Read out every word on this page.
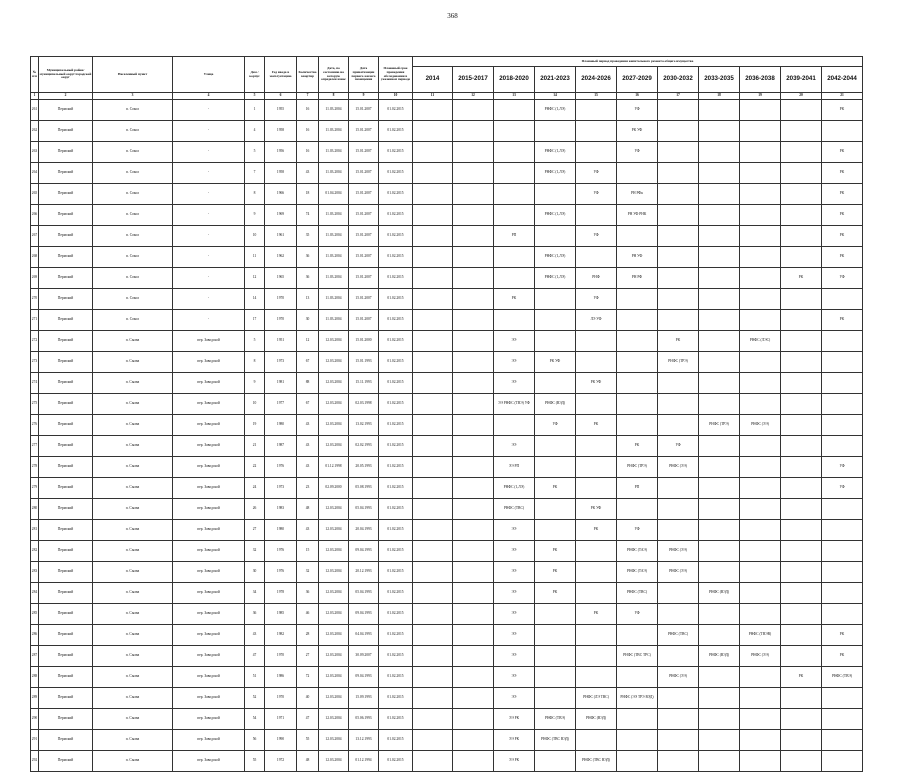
368
№ п/п	Муниципальный район/муниципальный округ/городской округ	Населенный пункт	Улица	Дом / корпус	Год ввода в эксплуатацию	Количество квартир	Дата, по состоянию на которую определен износ	Дата приватизации первого жилого помещения	Плановый срок проведения обследования в указанном периоде	Плановый период проведения капитального ремонта общего имущества										
										2014	2015-2017	2018-2020	2021-2023	2024-2026	2027-2029	2030-2032	2033-2035	2036-2038	2039-2041	2042-2044
1	2	3	4	5	6	7	8	9	10	11	12	13	14	15	16	17	18	19	20	21
261	Пермский	п. Сокол	-	1	1955	16	11.03.2004	15.01.2007	01.02.2015				РНФС (1,ЛЭ)		УФ					РК
262	Пермский	п. Сокол	-	4	1958	16	11.03.2004	15.01.2007	01.02.2015						РК УФ					
263	Пермский	п. Сокол	-	5	1956	16	11.03.2004	15.01.2007	01.02.2015				РНФС (1,ЛЭ)		УФ					РК
264	Пермский	п. Сокол	-	7	1958	43	11.03.2004	15.01.2007	01.02.2015				РНФС (1,ЛЭ)	УФ						РК
265	Пермский	п. Сокол	-	8	1966	18	01.04.2004	15.01.2007	01.02.2015					УФ	РН РФк					РК
266	Пермский	п. Сокол	-	9	1969	74	11.03.2004	15.01.2007	01.02.2015				РНФС (1,ЛЭ)		РН УФ РНК					РК
267	Пермский	п. Сокол	-	10	1961	35	11.03.2004	15.01.2007	01.02.2015			РП		УФ						РК
268	Пермский	п. Сокол	-	11	1962	36	11.03.2004	15.01.2007	01.02.2015				РНФС (1,ЛЭ)		РН УФ					РК
269	Пермский	п. Сокол	-	12	1965	36	11.03.2004	15.01.2007	01.02.2015				РНФС (1,ЛЭ)	РНФ	РН РФ				РК	УФ
270	Пермский	п. Сокол	-	14	1970	13	11.03.2004	15.01.2007	01.02.2015			РК		УФ						
271	Пермский	п. Сокол	-	17	1970	30	11.03.2004	15.01.2007	01.02.2015					ЛЭ УФ						РК
272	Пермский	п. Сылва	пер. Заводской	5	1951	12	12.03.2004	15.01.2000	01.02.2015			ЭЭ				РК		РНФС (ЛЭС)		
273	Пермский	п. Сылва	пер. Заводской	8	1973	67	12.03.2004	15.01.1993	01.02.2015			ЭЭ	РК УФ			РНФС (ТРЭ)				
274	Пермский	п. Сылва	пер. Заводской	9	1981	88	12.03.2004	15.11.1993	01.02.2015			ЭЭ		РК УФ						
275	Пермский	п. Сылва	пер. Заводской	10	1977	67	12.03.2004	02.03.1998	01.02.2015			ЭЭ РНФС (ТВЭ) УФ	РНФС (ВЭД)							
276	Пермский	п. Сылва	пер. Заводской	19	1980	43	12.03.2004	13.02.1993	01.02.2015				УФ	РК			РНФС (ТРЭ)	РНФС (ЭЭ)		
277	Пермский	п. Сылва	пер. Заводской	21	1987	43	12.03.2004	02.02.1993	01.02.2015			ЭЭ			РК	УФ				
278	Пермский	п. Сылва	пер. Заводской	22	1976	43	01.12.1998	20.05.1993	01.02.2015			ЭЭ РП			РНФС (ТРЭ)	РНФС (ЭЭ)				УФ
279	Пермский	п. Сылва	пер. Заводской	24	1973	23	02.09.2000	05.08.1993	01.02.2015			РНФС (1,ЛЭ)	РК		РП					УФ
280	Пермский	п. Сылва	пер. Заводской	26	1983	48	12.03.2004	05.04.1993	01.02.2015			РНФС (ТВС)		РК УФ						
281	Пермский	п. Сылва	пер. Заводской	27	1980	43	12.03.2004	20.04.1993	01.02.2015			ЭЭ		РК	УФ					
282	Пермский	п. Сылва	пер. Заводской	32	1976	15	12.03.2004	09.04.1993	01.02.2015			ЭЭ	РК		РНФС (ТАЭ)	РНФС (ЭЭ)				
283	Пермский	п. Сылва	пер. Заводской	30	1976	32	12.03.2004	20.12.1993	01.02.2015			ЭЭ	РК		РНФС (ТАЭ)	РНФС (ЭЭ)				
284	Пермский	п. Сылва	пер. Заводской	34	1978	36	12.03.2004	05.04.1993	01.02.2015			ЭЭ	РК		РНФС (ТВС)		РНФС (ВЭД)			
285	Пермский	п. Сылва	пер. Заводской	36	1985	46	12.03.2004	09.04.1993	01.02.2015			ЭЭ		РК	УФ					
286	Пермский	п. Сылва	пер. Заводской	43	1982	28	12.03.2004	04.04.1993	01.02.2015			ЭЭ				РНФС (ТВС)		РНФС (ТВЭВ)		РК
287	Пермский	п. Сылва	пер. Заводской	47	1970	27	12.03.2004	30.09.2007	01.02.2015			ЭЭ			РНФС (ТВС ТРС)		РНФС (ВЭД)	РНФС (ЭЭ)		РК
288	Пермский	п. Сылва	пер. Заводской	51	1986	72	12.03.2004	09.04.1993	01.02.2015			ЭЭ				РНФС (ЭЭ)			РК	РНФС (ТВЭ)
289	Пермский	п. Сылва	пер. Заводской	52	1970	40	12.03.2004	15.09.1993	01.02.2015			ЭЭ		РНФС (ЛЭ ТВС)	РНФС (ЭЭ ТРЭ ВЭД)					
290	Пермский	п. Сылва	пер. Заводской	54	1971	47	12.03.2004	05.06.1993	01.02.2015			ЭЭ РК	РНФС (ТВЭ)	РНФС (ВЭД)						
291	Пермский	п. Сылва	пер. Заводской	56	1990	55	12.03.2004	13.12.1993	01.02.2015			ЭЭ РК	РНФС (ТВС ВЭД)							
292	Пермский	п. Сылва	пер. Заводской	55	1972	48	12.03.2004	01.12.1994	01.02.2015			ЭЭ РК		РНФС (ТВС ВЭД)						
